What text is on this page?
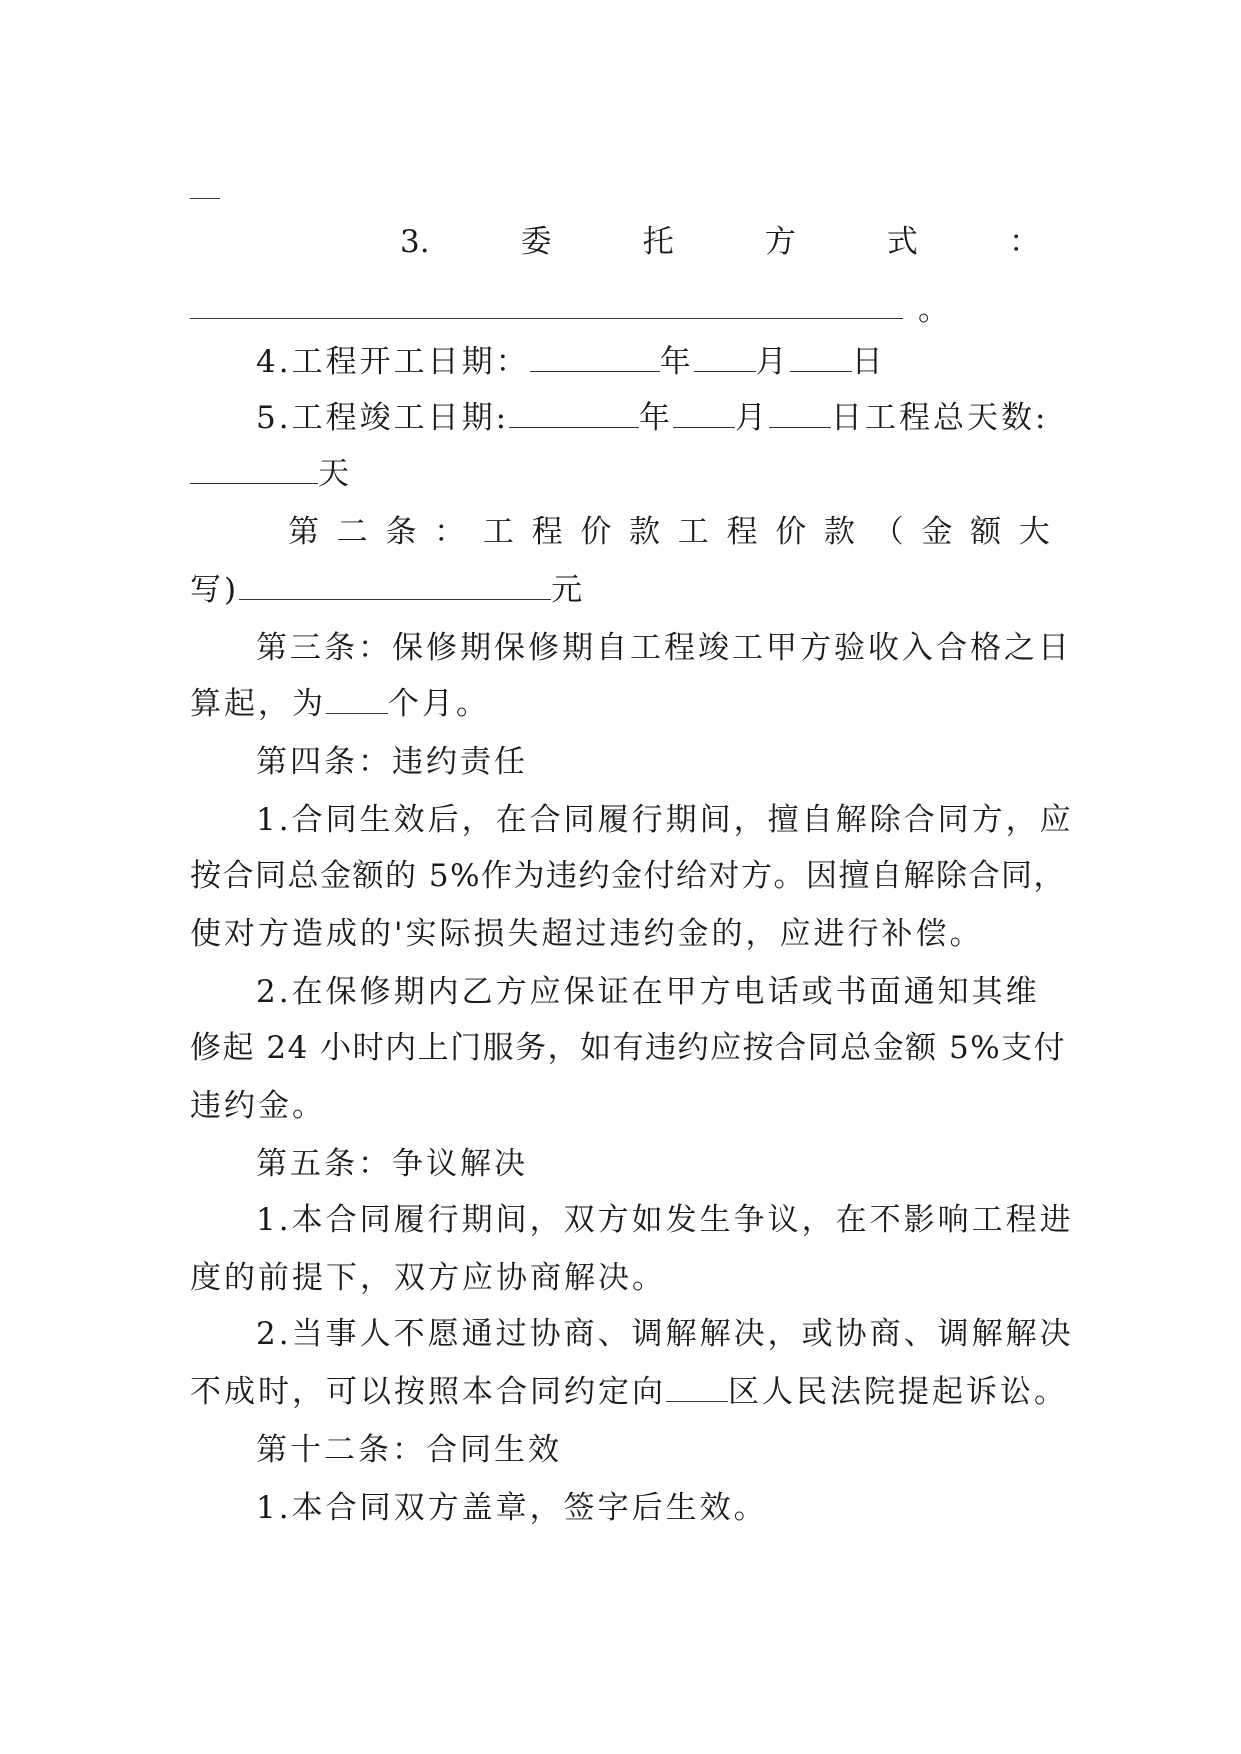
3.	委	托	方	式	：
。
4.工程开工日期：	年 月 日
5.工程竣工日期:	年 月 日工程总天数:
天
第 二 条 ： 工 程 价 款 工 程 价 款 （ 金 额 大
写)	元
第三条：保修期保修期自工程竣工甲方验收入合格之日
算起，为 个月。
第四条：违约责任
1.合同生效后，在合同履行期间，擅自解除合同方，应
按合同总金额的 5%作为违约金付给对方。因擅自解除合同，
使对方造成的'实际损失超过违约金的，应进行补偿。
2.在保修期内乙方应保证在甲方电话或书面通知其维
修起 24 小时内上门服务，如有违约应按合同总金额 5%支付
违约金。
第五条：争议解决
1.本合同履行期间，双方如发生争议，在不影响工程进
度的前提下，双方应协商解决。
2.当事人不愿通过协商、调解解决，或协商、调解解决
不成时，可以按照本合同约定向 区人民法院提起诉讼。
第十二条：合同生效
1.本合同双方盖章，签字后生效。
